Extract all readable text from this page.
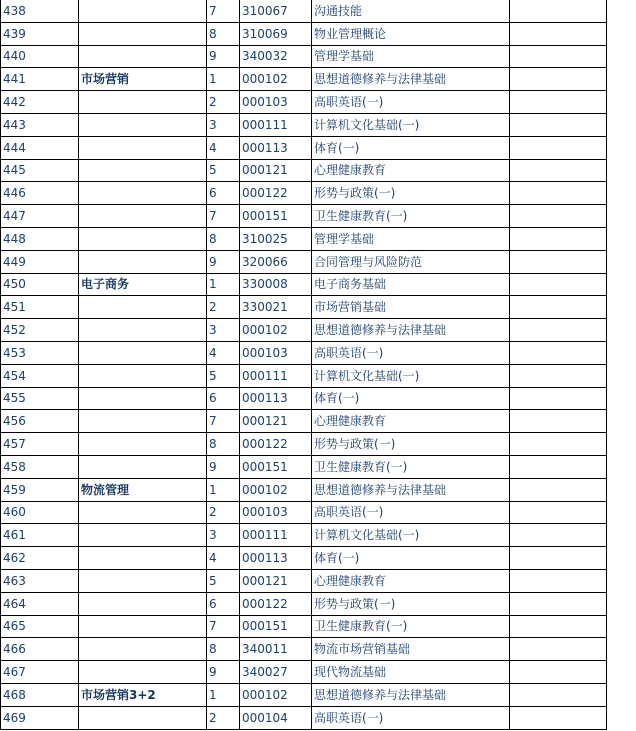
438		7	310067	沟通技能	
439		8	310069	物业管理概论	
440		9	340032	管理学基础	
441	市场营销	1	000102	思想道德修养与法律基础	
442		2	000103	高职英语(一)	
443		3	000111	计算机文化基础(一)	
444		4	000113	体育(一)	
445		5	000121	心理健康教育	
446		6	000122	形势与政策(一)	
447		7	000151	卫生健康教育(一)	
448		8	310025	管理学基础	
449		9	320066	合同管理与风险防范	
450	电子商务	1	330008	电子商务基础	
451		2	330021	市场营销基础	
452		3	000102	思想道德修养与法律基础	
453		4	000103	高职英语(一)	
454		5	000111	计算机文化基础(一)	
455		6	000113	体育(一)	
456		7	000121	心理健康教育	
457		8	000122	形势与政策(一)	
458		9	000151	卫生健康教育(一)	
459	物流管理	1	000102	思想道德修养与法律基础	
460		2	000103	高职英语(一)	
461		3	000111	计算机文化基础(一)	
462		4	000113	体育(一)	
463		5	000121	心理健康教育	
464		6	000122	形势与政策(一)	
465		7	000151	卫生健康教育(一)	
466		8	340011	物流市场营销基础	
467		9	340027	现代物流基础	
468	市场营销3+2	1	000102	思想道德修养与法律基础	
469		2	000104	高职英语(一)	
